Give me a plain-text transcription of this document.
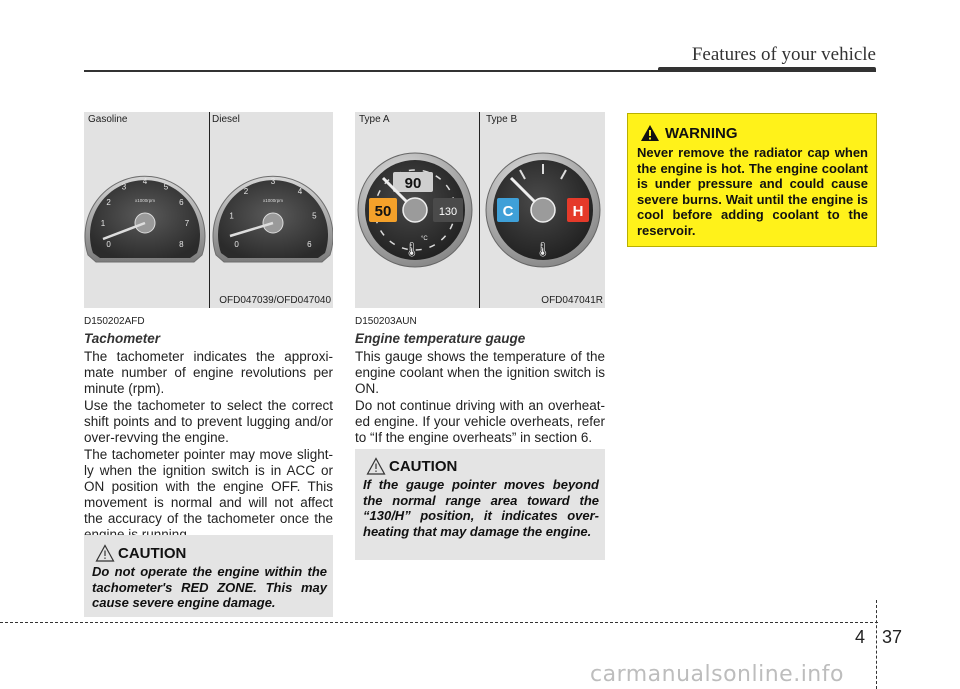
Features of your vehicle
0
1
2
3
4
5
6
7
8	0
1
2
3
4
5
6
x1000rpm	x1000rpm
Gasoline	Diesel
OFD047039/OFD047040
50
90
130
°C
🌡
C	H
🌡
Type A	Type B
OFD047041R
WARNING

Never remove the radiator cap when the engine is hot. The engine coolant is under pressure and could cause severe burns. Wait until the engine is cool before adding coolant to the reservoir.

D150202AFD
Tachometer

The tachometer indicates the approxi-mate number of engine revolutions per minute (rpm).

Use the tachometer to select the correct shift points and to prevent lugging and/or over-revving the engine.

The tachometer pointer may move slight-ly when the ignition switch is in ACC or ON position with the engine OFF. This movement is normal and will not affect the accuracy of the tachometer once the

CAUTION

Do not operate the engine within the tachometer's RED ZONE. This may cause severe engine damage.

D150203AUN
Engine temperature gauge

This gauge shows the temperature of the engine coolant when the ignition switch is ON.

Do not continue driving with an overheat-ed engine. If your vehicle overheats, refer to “If the engine overheats” in section 6.

CAUTION

If the gauge pointer moves beyond the normal range area toward the “130/H” position, it indicates over-heating that may damage the engine.

4 37
carmanualsonline.info
